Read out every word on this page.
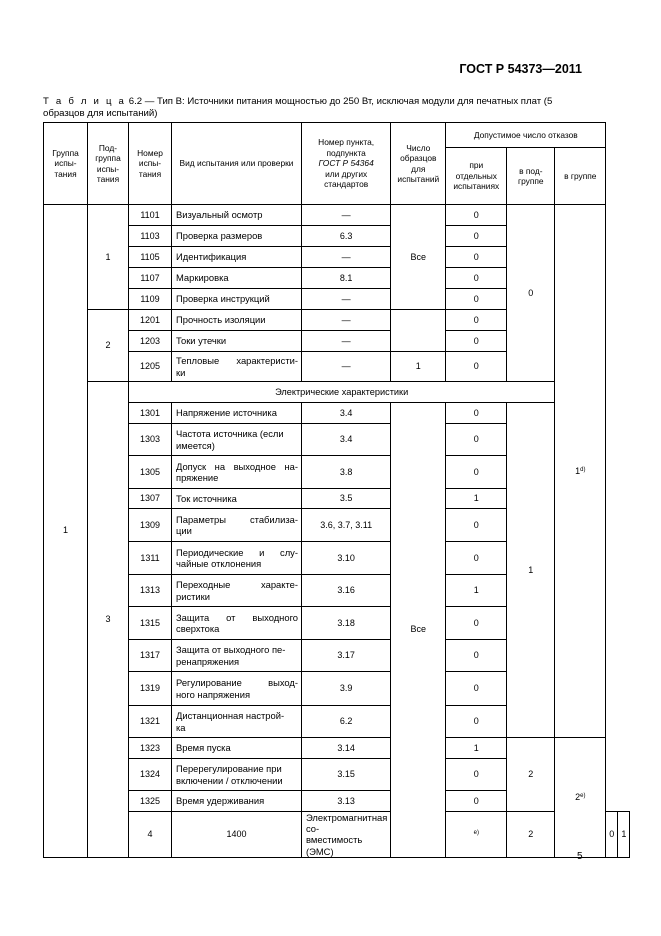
ГОСТ Р 54373—2011
Т а б л и ц а 6.2 — Тип В: Источники питания мощностью до 250 Вт, исключая модули для печатных плат (5 образцов для испытаний)
Группа испы-тания	Под-группа испы-тания	Номер испы-тания	Вид испытания или проверки	Номер пункта, подпункта
ГОСТ Р 54364
или других стандартов	Число образцов для испытаний	Допустимое число отказов				
						при отдельных испытаниях	в под-группе	в группе		
1	1	1101	Визуальный осмотр	—	Все	0	0	1$^{d)}$
		1103	Проверка размеров	6.3		0				
		1105	Идентификация	—		0				
		1107	Маркировка	8.1		0				
		1109	Проверка инструкций	—		0				
	2	1201	Прочность изоляции	—		0				
		1203	Токи утечки	—		0				
		1205	Тепловые характеристи-
ки	—	1	0				
	3	Электрические характеристики								
		1301	Напряжение источника	3.4	Все	0	1			
		1303	Частота источника (если
имеется)	3.4		0				
		1305	Допуск на выходное на-
пряжение	3.8		0				
		1307	Ток источника	3.5		1				
		1309	Параметры стабилиза-
ции	3.6, 3.7, 3.11		0				
		1311	Периодические и слу-
чайные отклонения	3.10		0				
		1313	Переходные характе-
ристики	3.16		1				
		1315	Защита от выходного
сверхтока	3.18		0				
		1317	Защита от выходного пе-
ренапряжения	3.17		0				
		1319	Регулирование выход-
ного напряжения	3.9		0				
		1321	Дистанционная настрой-
ка	6.2		0				
		1323	Время пуска	3.14		1	2	2$^{e)}$
		1324	Перерегулирование при
включении / отключении	3.15		0				
		1325	Время удерживания	3.13		0				
		4	1400	Электромагнитная со-
вместимость (ЭМС)		$^{e)}$	2		0	1
5
